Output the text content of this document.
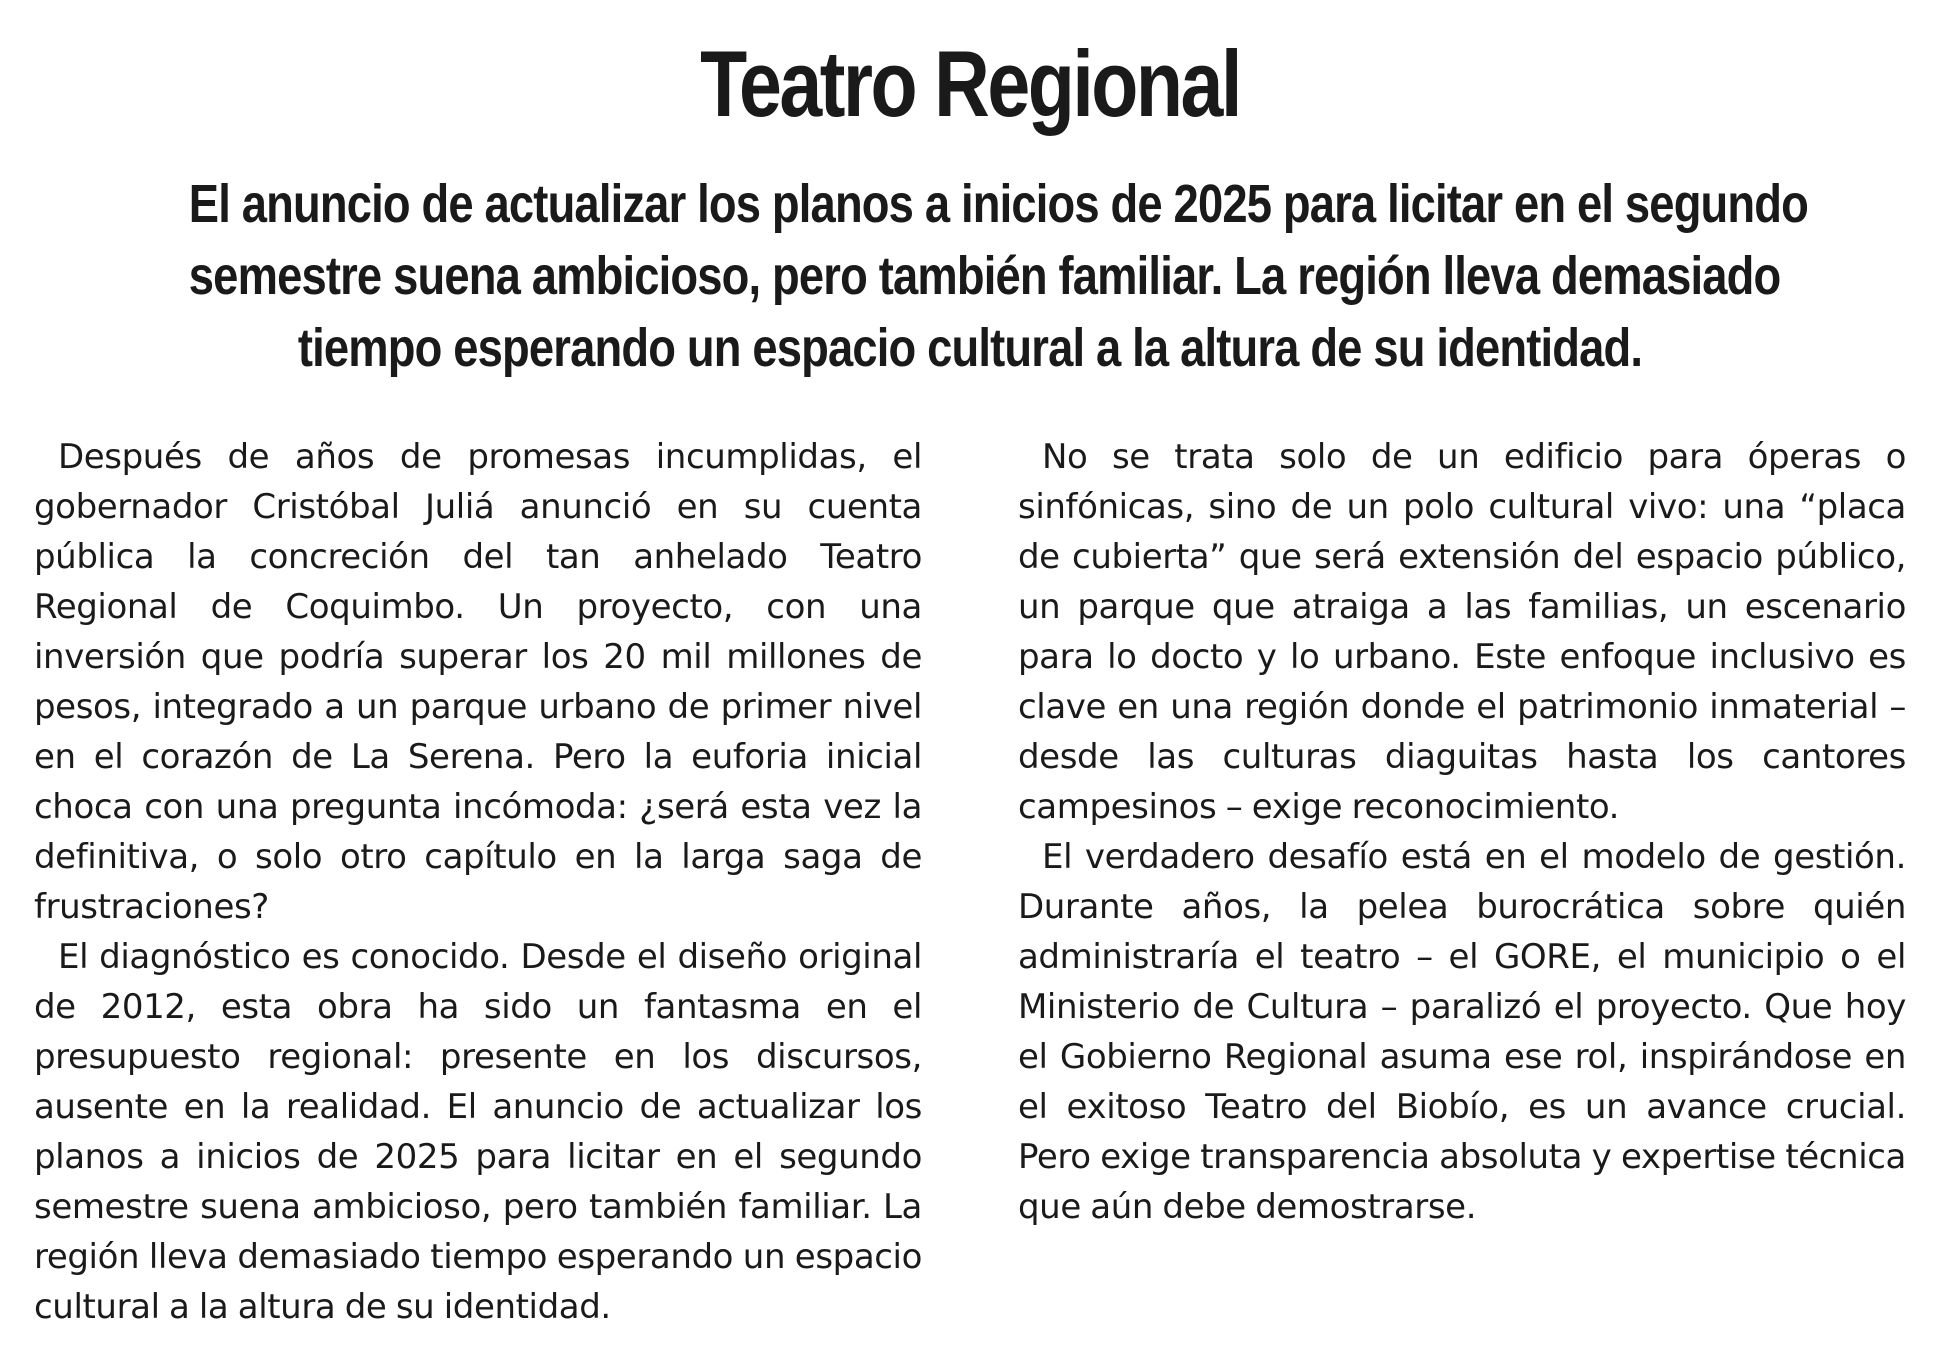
Teatro Regional
El anuncio de actualizar los planos a inicios de 2025 para licitar en el segundo
semestre suena ambicioso, pero también familiar. La región lleva demasiado
tiempo esperando un espacio cultural a la altura de su identidad.

Después de años de promesas incumplidas, el gobernador Cristóbal Juliá anunció en su cuenta pública la concreción del tan anhelado Teatro Regional de Coquimbo. Un proyecto, con una inversión que podría superar los 20 mil millones de pesos, integrado a un parque urbano de primer nivel en el corazón de La Serena. Pero la euforia inicial choca con una pregunta incómoda: ¿será esta vez la definitiva, o solo otro capítulo en la larga saga de frustraciones?

El diagnóstico es conocido. Desde el diseño original de 2012, esta obra ha sido un fantasma en el presupuesto regional: presente en los discursos, ausente en la realidad. El anuncio de actualizar los planos a inicios de 2025 para licitar en el segundo semestre suena ambicioso, pero también familiar. La región lleva demasiado tiempo esperando un espacio cultural a la altura de su identidad.

No se trata solo de un edificio para óperas o sinfónicas, sino de un polo cultural vivo: una “placa de cubierta” que será extensión del espacio público, un parque que atraiga a las familias, un escenario para lo docto y lo urbano. Este enfoque inclusivo es clave en una región donde el patrimonio inmaterial – desde las culturas diaguitas hasta los cantores campesinos – exige reconocimiento.

El verdadero desafío está en el modelo de gestión. Durante años, la pelea burocrática sobre quién administraría el teatro – el GORE, el municipio o el Ministerio de Cultura – paralizó el proyecto. Que hoy el Gobierno Regional asuma ese rol, inspirándose en el exitoso Teatro del Biobío, es un avance crucial. Pero exige transparencia absoluta y expertise técnica que aún debe demostrarse.
